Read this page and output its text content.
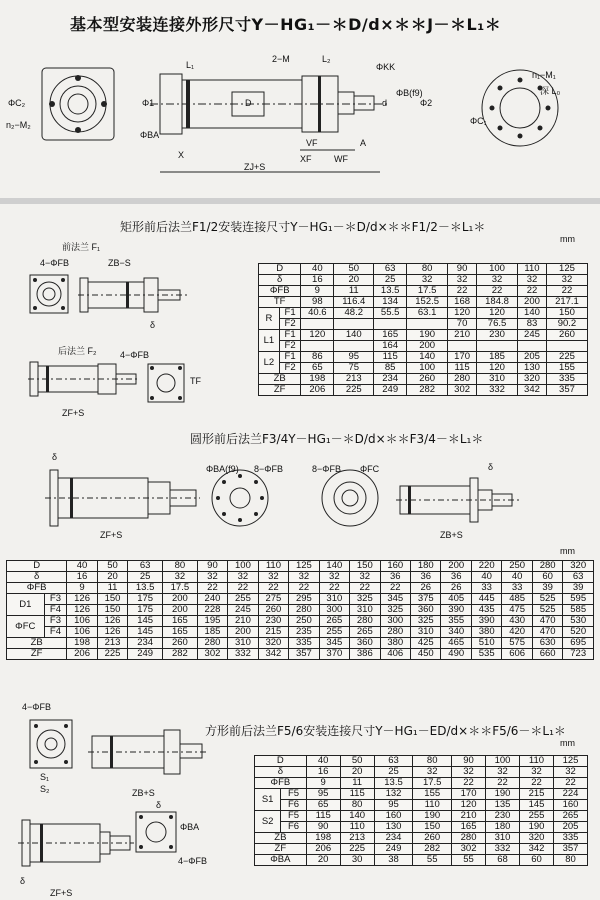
基本型安装连接外形尺寸Y－HG₁－＊D/d×＊＊J－＊L₁＊
矩形前后法兰F1/2安装连接尺寸Y－HG₁－＊D/d×＊＊F1/2－＊L₁＊
mm
圆形前后法兰F3/4Y－HG₁－＊D/d×＊＊F3/4－＊L₁＊
mm
方形前后法兰F5/6安装连接尺寸Y－HG₁－ED/d×＊＊F5/6－＊L₁＊
mm
ΦC₂
n₂−M₂
L₁
2−M	L₂
ΦKK
Φ1	Φ2
D	d
ΦB(f9)
ΦBA
X
VF
XF WF
A
ZJ+S
n₁−M₁
深 L₀
ΦC₁
前法兰 F₁
4−ΦFB	ZB−S
δ
后法兰 F₂	4−ΦFB
ZF+S
TF
δ
ΦBA(f9) 8−ΦFB	8−ΦFB ΦFC	δ
ZF+S	ZB+S
4−ΦFB
S₁
S₂	ZB+S
δ
ΦBA
4−ΦFB
δ
ZF+S
D		40	50	63	80	90	100	110	125
δ		16	20	25	32	32	32	32	32
ΦFB		9	11	13.5	17.5	22	22	22	22
TF		98	116.4	134	152.5	168	184.8	200	217.1
R	F1	40.6	48.2	55.5	63.1	120	120	140	150
	F2					70	76.5	83	90.2
L1	F1	120	140	165	190	210	230	245	260
	F2			164	200				
L2	F1	86	95	115	140	170	185	205	225
	F2	65	75	85	100	115	120	130	155
ZB		198	213	234	260	280	310	320	335
ZF		206	225	249	282	302	332	342	357
D		40	50	63	80	90	100	110	125	140	150	160	180	200	220	250	280	320
δ		16	20	25	32	32	32	32	32	32	32	36	36	36	40	40	60	63
ΦFB		9	11	13.5	17.5	22	22	22	22	22	22	22	26	26	33	33	39	39
D1	F3	126	150	175	200	240	255	275	295	310	325	345	375	405	445	485	525	595
	F4	126	150	175	200	228	245	260	280	300	310	325	360	390	435	475	525	585
ΦFC	F3	106	126	145	165	195	210	230	250	265	280	300	325	355	390	430	470	530
	F4	106	126	145	165	185	200	215	235	255	265	280	310	340	380	420	470	520
ZB		198	213	234	260	280	310	320	335	345	360	380	425	465	510	575	630	695
ZF		206	225	249	282	302	332	342	357	370	386	406	450	490	535	606	660	723
D		40	50	63	80	90	100	110	125
δ		16	20	25	32	32	32	32	32
ΦFB		9	11	13.5	17.5	22	22	22	22
S1	F5	95	115	132	155	170	190	215	224
	F6	65	80	95	110	120	135	145	160
S2	F5	115	140	160	190	210	230	255	265
	F6	90	110	130	150	165	180	190	205
ZB		198	213	234	260	280	310	320	335
ZF		206	225	249	282	302	332	342	357
ΦBA		20	30	38	55	55	68	60	80
